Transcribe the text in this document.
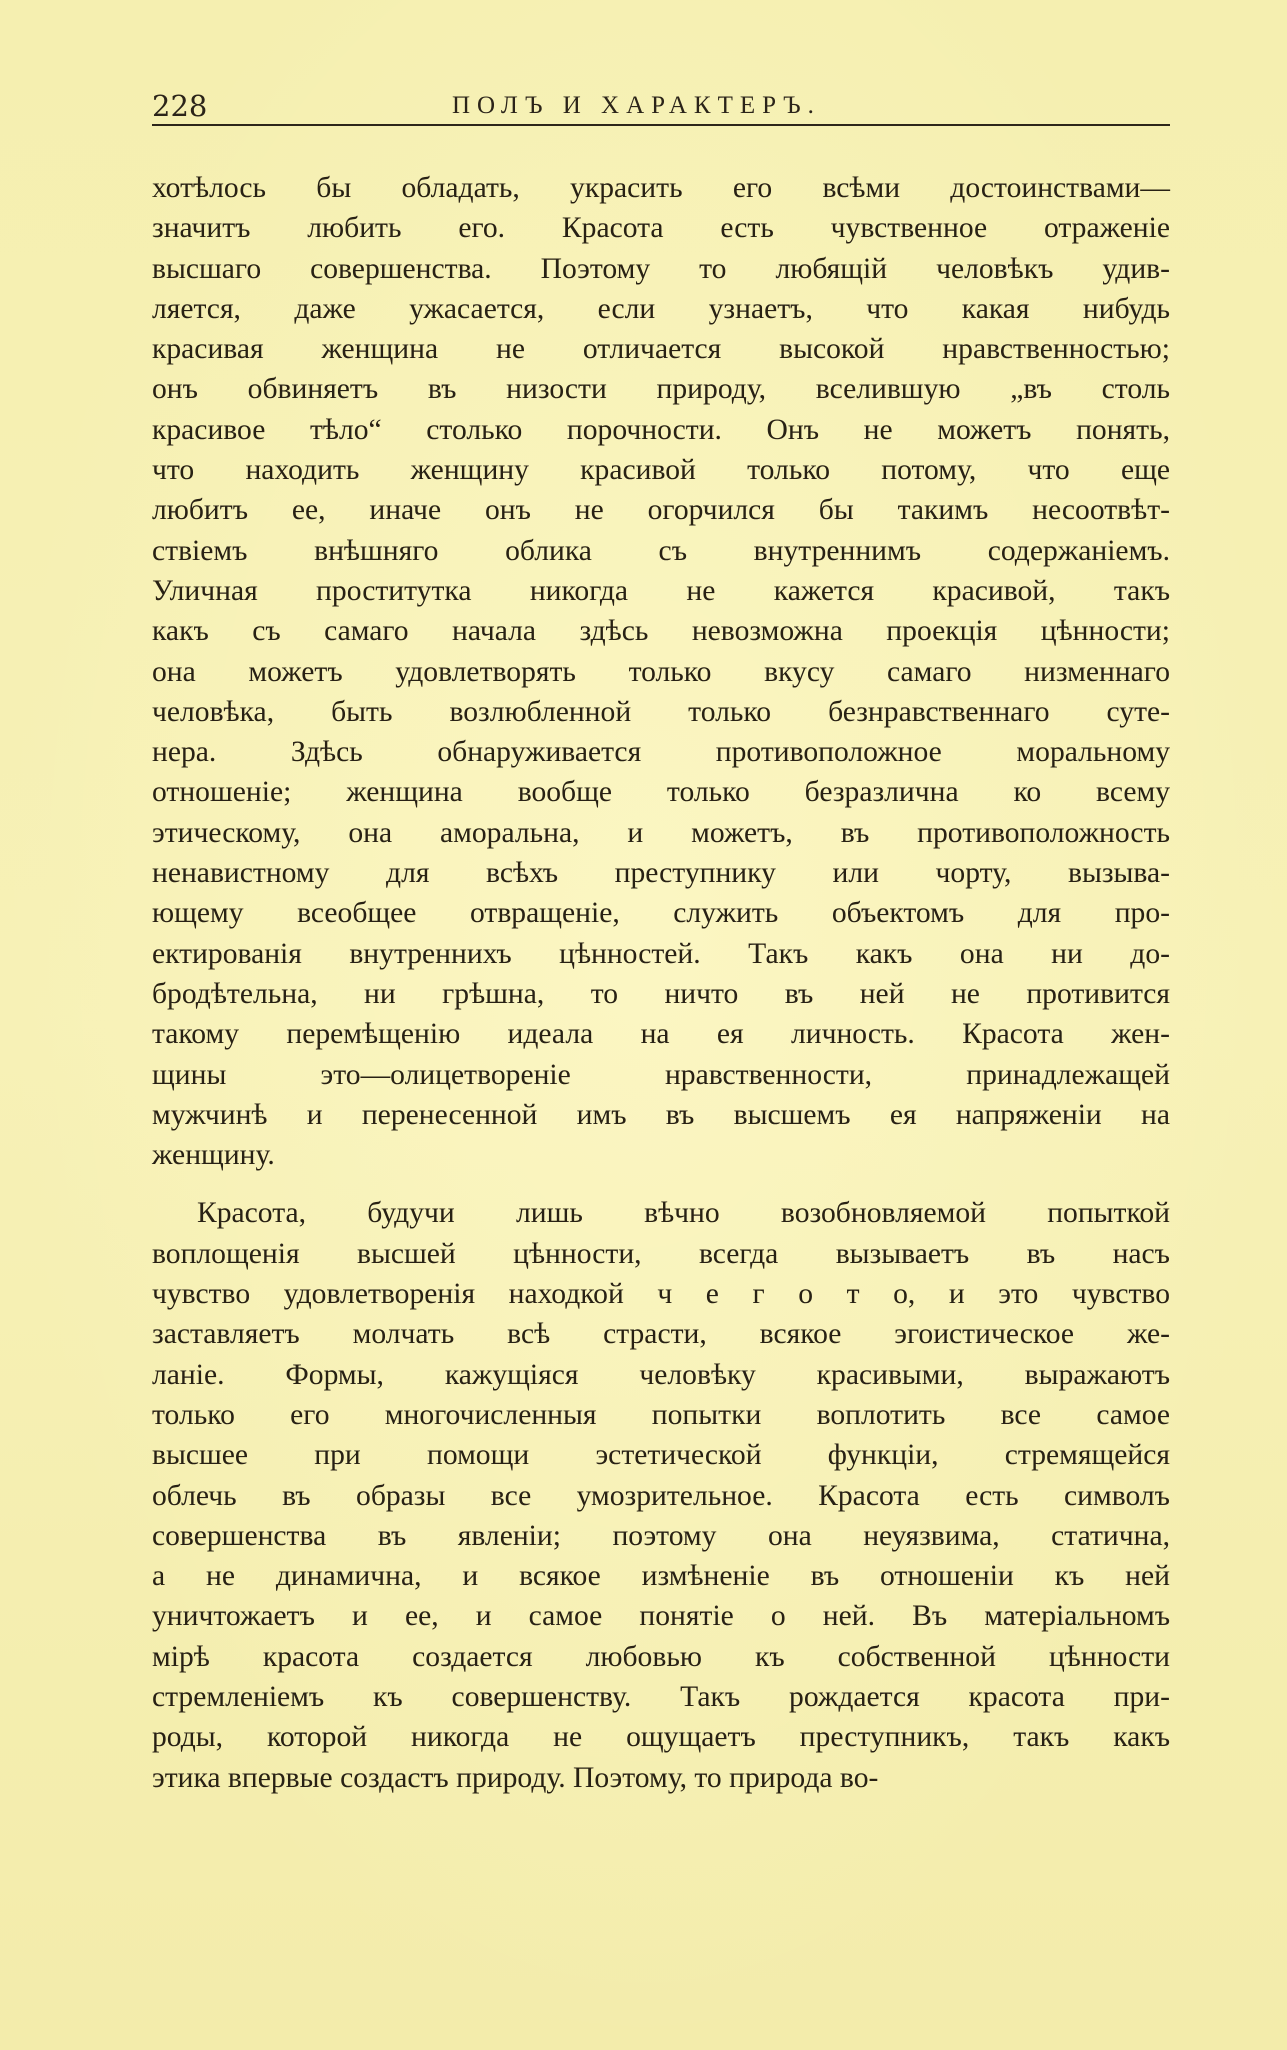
228	ПОЛЪ И ХАРАКТЕРЪ.
хотѣлось бы обладать, украсить его всѣми достоинствами—
значитъ любить его. Красота есть чувственное отраженіе
высшаго совершенства. Поэтому то любящій человѣкъ удив-
ляется, даже ужасается, если узнаетъ, что какая нибудь
красивая женщина не отличается высокой нравственностью;
онъ обвиняетъ въ низости природу, вселившую „въ столь
красивое тѣло“ столько порочности. Онъ не можетъ понять,
что находить женщину красивой только потому, что еще
любитъ ее, иначе онъ не огорчился бы такимъ несоотвѣт-
ствіемъ внѣшняго облика съ внутреннимъ содержаніемъ.
Уличная проститутка никогда не кажется красивой, такъ
какъ съ самаго начала здѣсь невозможна проекція цѣнности;
она можетъ удовлетворять только вкусу самаго низменнаго
человѣка, быть возлюбленной только безнравственнаго суте-
нера. Здѣсь обнаруживается противоположное моральному
отношеніе; женщина вообще только безразлична ко всему
этическому, она аморальна, и можетъ, въ противоположность
ненавистному для всѣхъ преступнику или чорту, вызыва-
ющему всеобщее отвращеніе, служить объектомъ для про-
ектированія внутреннихъ цѣнностей. Такъ какъ она ни до-
бродѣтельна, ни грѣшна, то ничто въ ней не противится
такому перемѣщенію идеала на ея личность. Красота жен-
щины это—олицетвореніе нравственности, принадлежащей
мужчинѣ и перенесенной имъ въ высшемъ ея напряженіи на
женщину.
Красота, будучи лишь вѣчно возобновляемой попыткой
воплощенія высшей цѣнности, всегда вызываетъ въ насъ
чувство удовлетворенія находкой ч е г о т о, и это чувство
заставляетъ молчать всѣ страсти, всякое эгоистическое же-
ланіе. Формы, кажущіяся человѣку красивыми, выражаютъ
только его многочисленныя попытки воплотить все самое
высшее при помощи эстетической функціи, стремящейся
облечь въ образы все умозрительное. Красота есть символъ
совершенства въ явленіи; поэтому она неуязвима, статична,
а не динамична, и всякое измѣненіе въ отношеніи къ ней
уничтожаетъ и ее, и самое понятіе о ней. Въ матеріальномъ
мірѣ красота создается любовью къ собственной цѣнности
стремленіемъ къ совершенству. Такъ рождается красота при-
роды, которой никогда не ощущаетъ преступникъ, такъ какъ
этика впервые создастъ природу. Поэтому, то природа во-
